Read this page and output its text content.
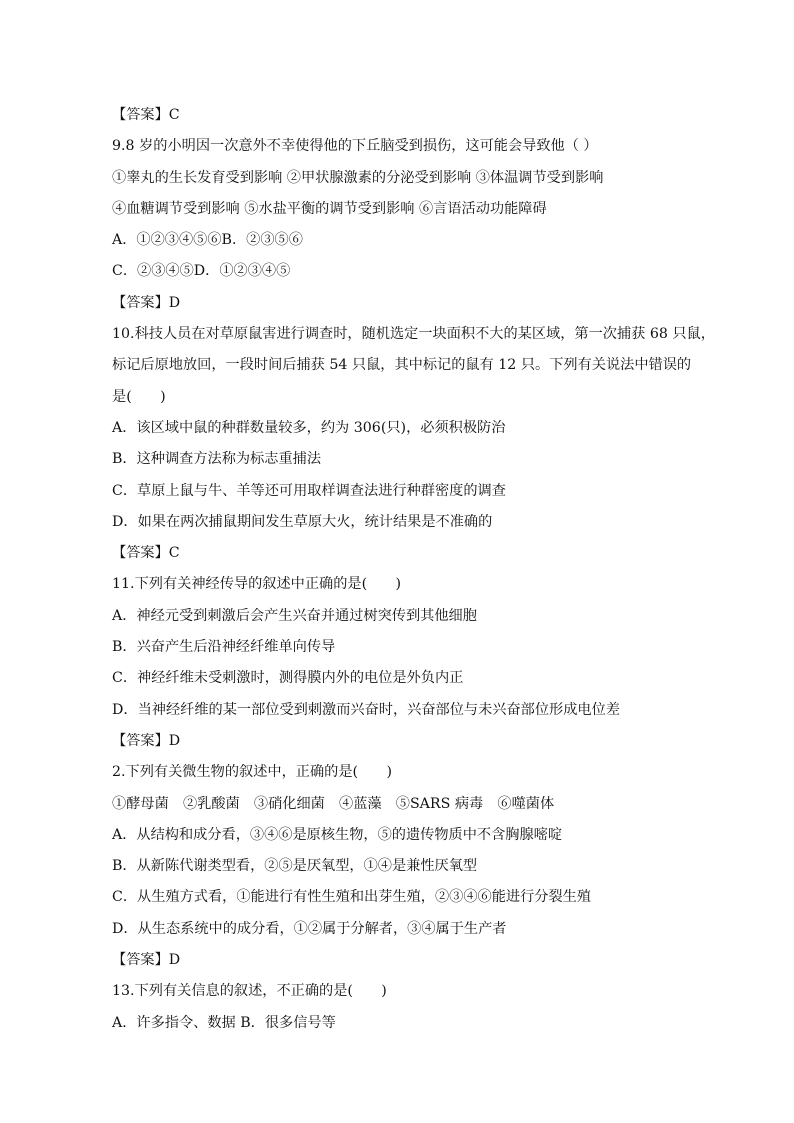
【答案】C
9.8 岁的小明因一次意外不幸使得他的下丘脑受到损伤，这可能会导致他（ ）
①睾丸的生长发育受到影响 ②甲状腺激素的分泌受到影响 ③体温调节受到影响
④血糖调节受到影响 ⑤水盐平衡的调节受到影响 ⑥言语活动功能障碍
A．①②③④⑤⑥B．②③⑤⑥
C．②③④⑤D．①②③④⑤
【答案】D
10.科技人员在对草原鼠害进行调查时，随机选定一块面积不大的某区域，第一次捕获 68 只鼠，
标记后原地放回，一段时间后捕获 54 只鼠，其中标记的鼠有 12 只。下列有关说法中错误的
是(　　)
A．该区域中鼠的种群数量较多，约为 306(只)，必须积极防治
B．这种调查方法称为标志重捕法
C．草原上鼠与牛、羊等还可用取样调查法进行种群密度的调查
D．如果在两次捕鼠期间发生草原大火，统计结果是不准确的
【答案】C
11.下列有关神经传导的叙述中正确的是(　　)
A．神经元受到刺激后会产生兴奋并通过树突传到其他细胞
B．兴奋产生后沿神经纤维单向传导
C．神经纤维未受刺激时，测得膜内外的电位是外负内正
D．当神经纤维的某一部位受到刺激而兴奋时，兴奋部位与未兴奋部位形成电位差
【答案】D
2.下列有关微生物的叙述中，正确的是(　　)
①酵母菌　②乳酸菌　③硝化细菌　④蓝藻　⑤SARS 病毒　⑥噬菌体
A．从结构和成分看，③④⑥是原核生物，⑤的遗传物质中不含胸腺嘧啶
B．从新陈代谢类型看，②⑤是厌氧型，①④是兼性厌氧型
C．从生殖方式看，①能进行有性生殖和出芽生殖，②③④⑥能进行分裂生殖
D．从生态系统中的成分看，①②属于分解者，③④属于生产者
【答案】D
13.下列有关信息的叙述，不正确的是(　　)
A．许多指令、数据 B．很多信号等
